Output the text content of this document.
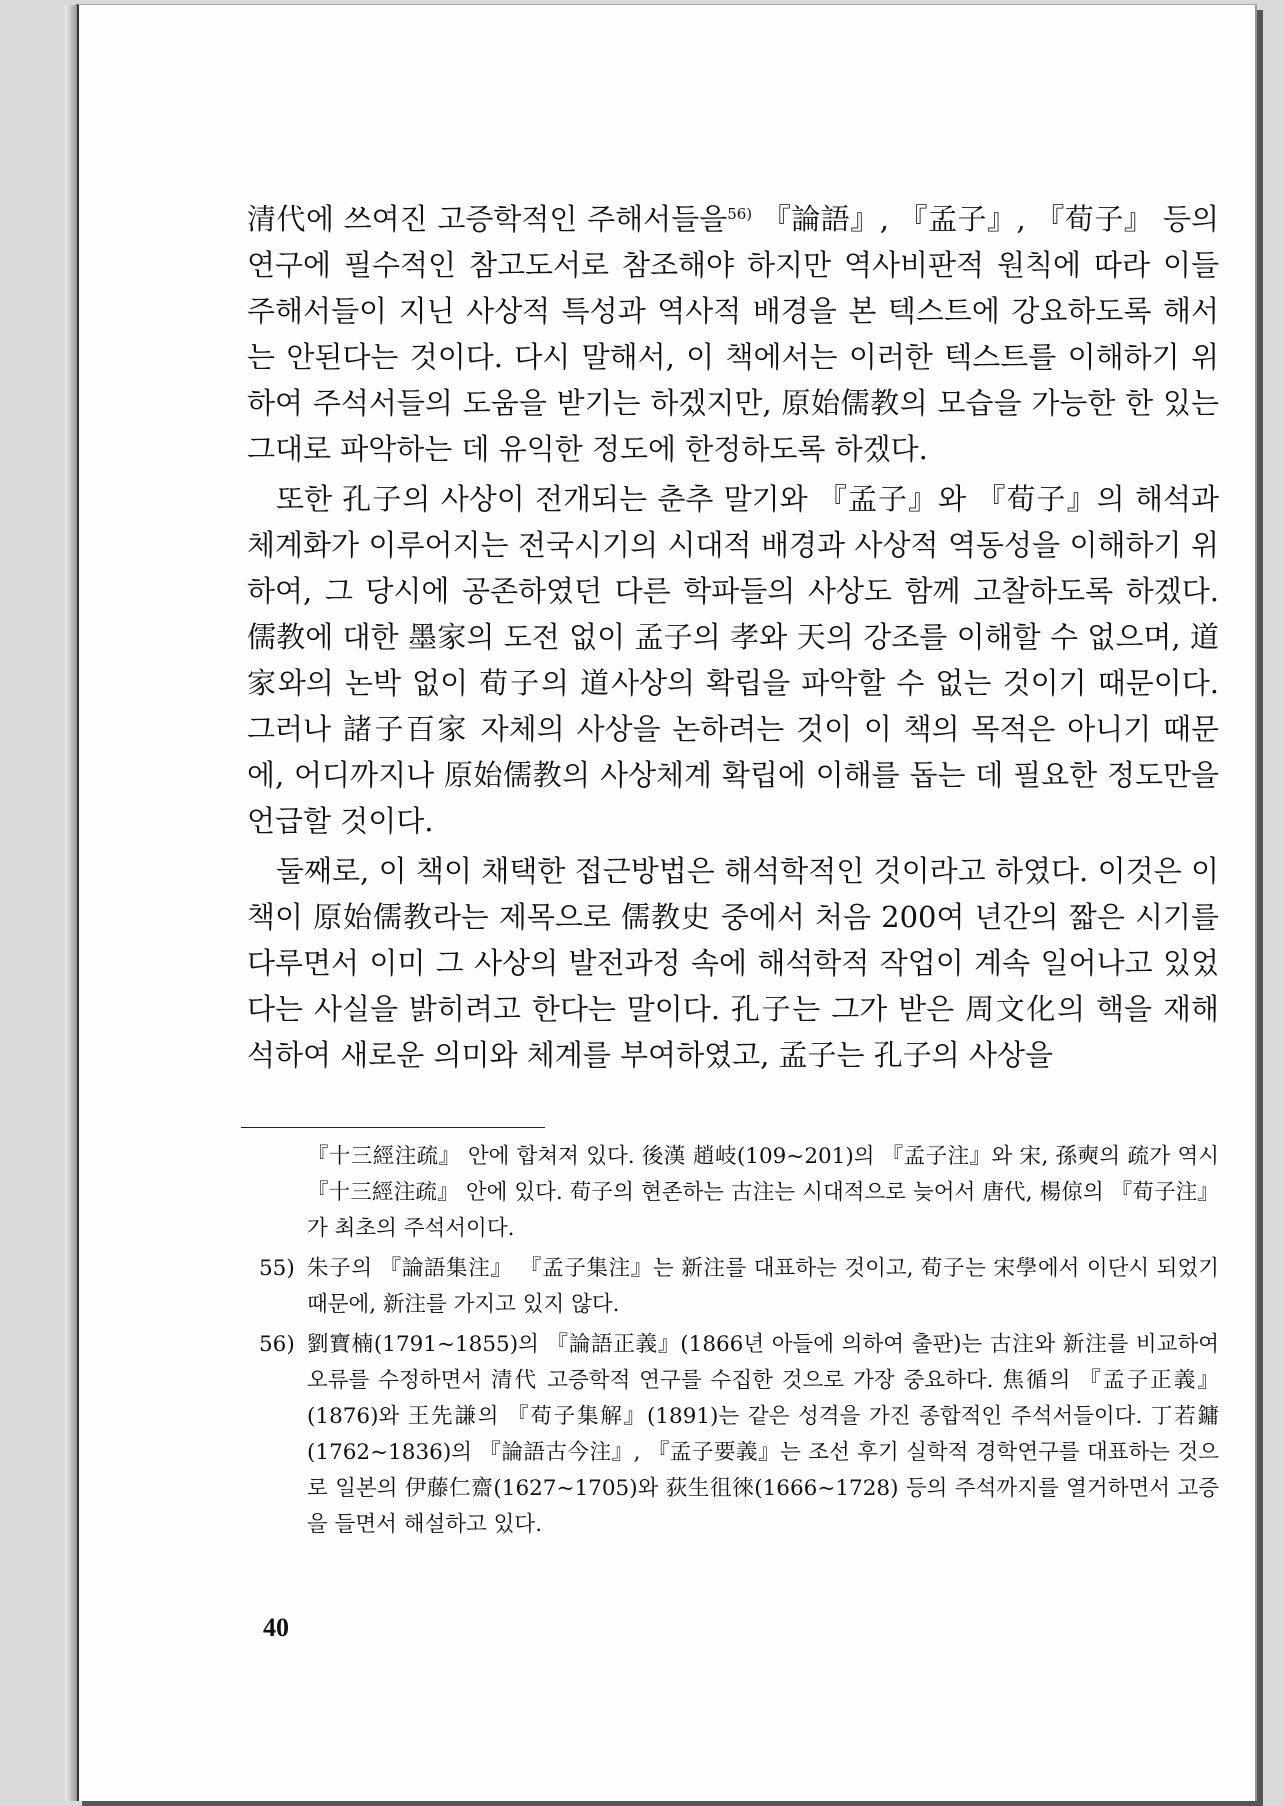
清代에 쓰여진 고증학적인 주해서들을$^{56)}$ 『論語』, 『孟子』, 『荀子』 등의 연구에 필수적인 참고도서로 참조해야 하지만 역사비판적 원칙에 따라 이들 주해서들이 지닌 사상적 특성과 역사적 배경을 본 텍스트에 강요하도록 해서는 안된다는 것이다. 다시 말해서, 이 책에서는 이러한 텍스트를 이해하기 위하여 주석서들의 도움을 받기는 하겠지만, 原始儒教의 모습을 가능한 한 있는 그대로 파악하는 데 유익한 정도에 한정하도록 하겠다.

또한 孔子의 사상이 전개되는 춘추 말기와 『孟子』와 『荀子』의 해석과 체계화가 이루어지는 전국시기의 시대적 배경과 사상적 역동성을 이해하기 위하여, 그 당시에 공존하였던 다른 학파들의 사상도 함께 고찰하도록 하겠다. 儒教에 대한 墨家의 도전 없이 孟子의 孝와 天의 강조를 이해할 수 없으며, 道家와의 논박 없이 荀子의 道사상의 확립을 파악할 수 없는 것이기 때문이다. 그러나 諸子百家 자체의 사상을 논하려는 것이 이 책의 목적은 아니기 때문에, 어디까지나 原始儒教의 사상체계 확립에 이해를 돕는 데 필요한 정도만을 언급할 것이다.

둘째로, 이 책이 채택한 접근방법은 해석학적인 것이라고 하였다. 이것은 이 책이 原始儒教라는 제목으로 儒教史 중에서 처음 200여 년간의 짧은 시기를 다루면서 이미 그 사상의 발전과정 속에 해석학적 작업이 계속 일어나고 있었다는 사실을 밝히려고 한다는 말이다. 孔子는 그가 받은 周文化의 핵을 재해석하여 새로운 의미와 체계를 부여하였고, 孟子는 孔子의 사상을

『十三經注疏』 안에 합쳐져 있다. 後漢 趙岐(109~201)의 『孟子注』와 宋, 孫奭의 疏가 역시 『十三經注疏』 안에 있다. 荀子의 현존하는 古注는 시대적으로 늦어서 唐代, 楊倞의 『荀子注』가 최초의 주석서이다.
55) 朱子의 『論語集注』 『孟子集注』는 新注를 대표하는 것이고, 荀子는 宋學에서 이단시 되었기 때문에, 新注를 가지고 있지 않다.
56) 劉寶楠(1791~1855)의 『論語正義』(1866년 아들에 의하여 출판)는 古注와 新注를 비교하여 오류를 수정하면서 清代 고증학적 연구를 수집한 것으로 가장 중요하다. 焦循의 『孟子正義』(1876)와 王先謙의 『荀子集解』(1891)는 같은 성격을 가진 종합적인 주석서들이다. 丁若鏞(1762~1836)의 『論語古今注』, 『孟子要義』는 조선 후기 실학적 경학연구를 대표하는 것으로 일본의 伊藤仁齋(1627~1705)와 荻生徂徠(1666~1728) 등의 주석까지를 열거하면서 고증을 들면서 해설하고 있다.
40
